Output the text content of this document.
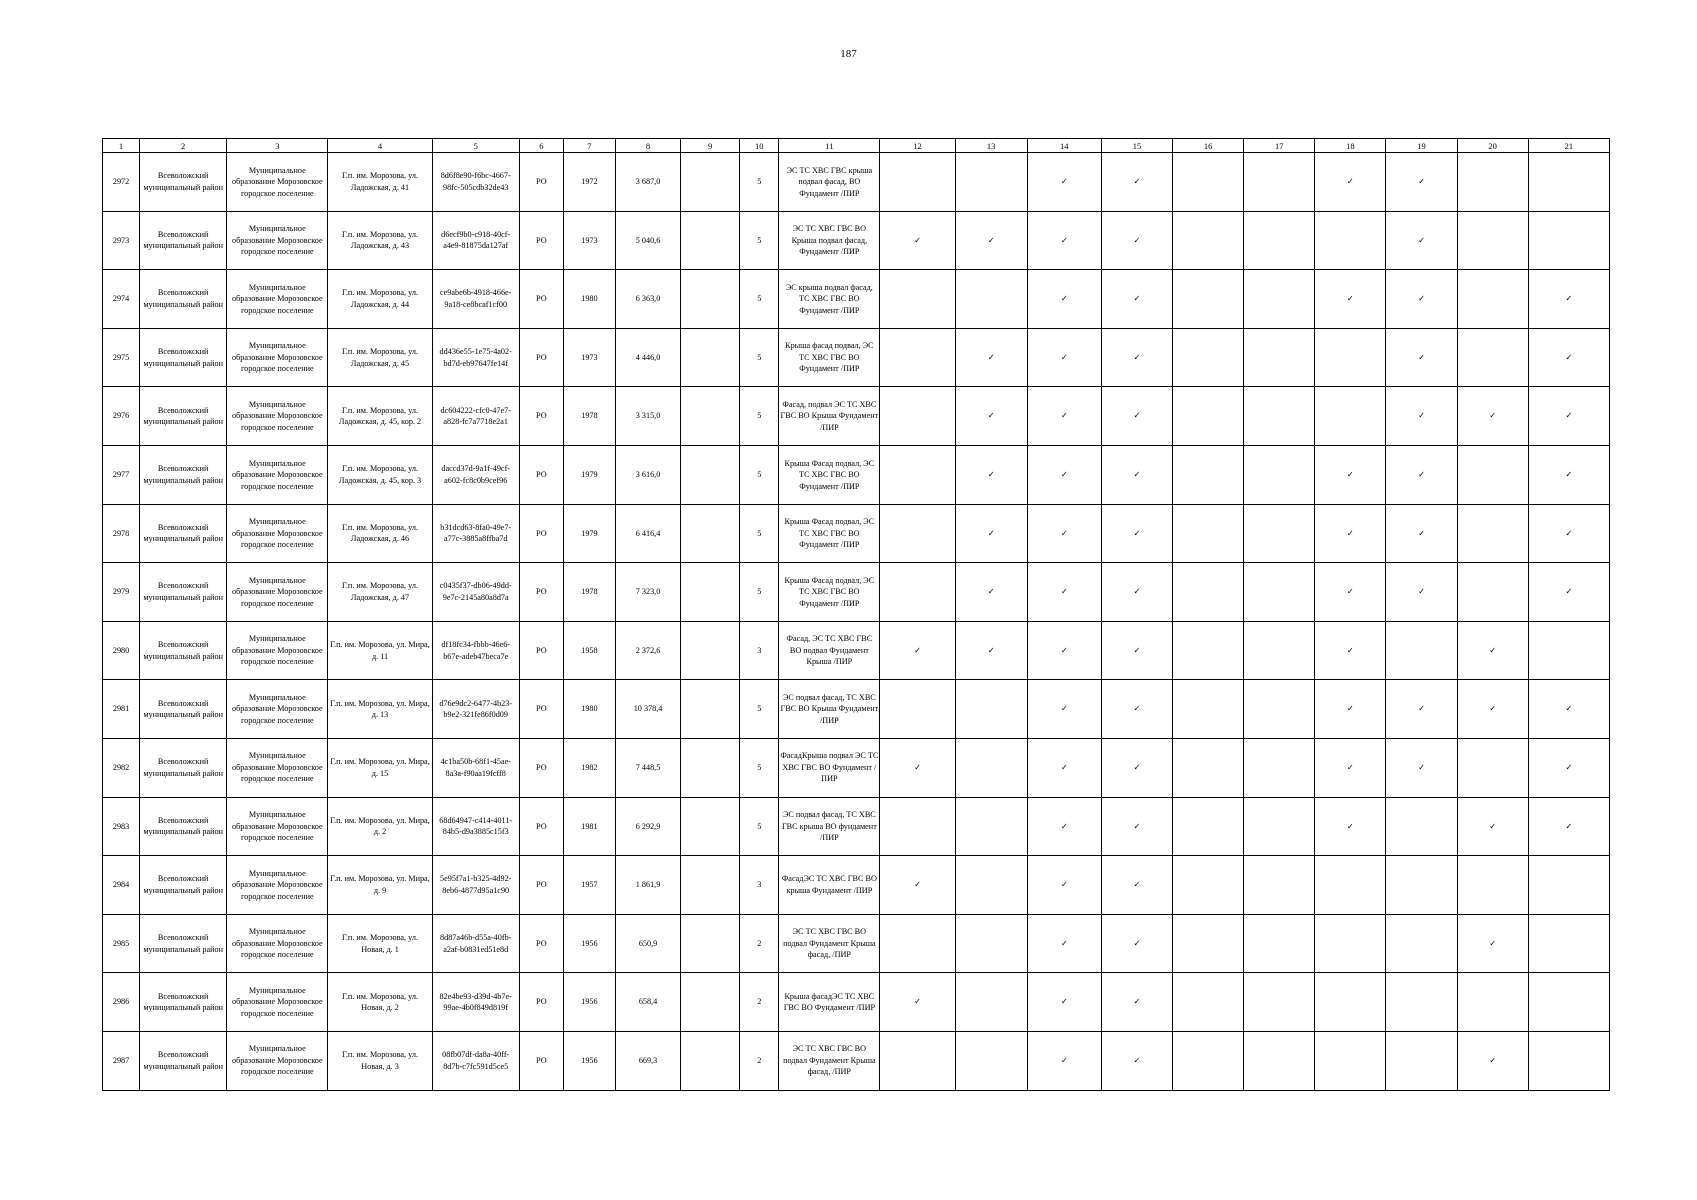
187
1	2	3	4	5	6	7	8	9	10	11	12	13	14	15	16	17	18	19	20	21
2972	Всеволожский муниципальный район	Муниципальное образование Морозовское городское поселение	Г.п. им. Морозова, ул. Ладожская, д. 41	8d6f8e90-f6bc-4667-98fc-505cdb32de43	РО	1972	3 687,0		5	ЭС ТС ХВС ГВС крыша подвал фасад, ВО Фундамент /ПИР			✓	✓			✓	✓		
2973	Всеволожский муниципальный район	Муниципальное образование Морозовское городское поселение	Г.п. им. Морозова, ул. Ладожская, д. 43	d6ecf9b0-c918-40cf-a4e9-81875da127af	РО	1973	5 040,6		5	ЭС ТС ХВС ГВС ВО Крыша подвал фасад, Фундамент /ПИР	✓	✓	✓	✓				✓		
2974	Всеволожский муниципальный район	Муниципальное образование Морозовское городское поселение	Г.п. им. Морозова, ул. Ладожская, д. 44	ce9abe6b-4918-466e-9a18-ce8bcaf1cf00	РО	1980	6 363,0		5	ЭС крыша подвал фасад, ТС ХВС ГВС ВО Фундамент /ПИР			✓	✓			✓	✓		✓
2975	Всеволожский муниципальный район	Муниципальное образование Морозовское городское поселение	Г.п. им. Морозова, ул. Ладожская, д. 45	dd436e55-1e75-4a02-bd7d-eb97647fe14f	РО	1973	4 446,0		5	Крыша фасад подвал, ЭС ТС ХВС ГВС ВО Фундамент /ПИР		✓	✓	✓				✓		✓
2976	Всеволожский муниципальный район	Муниципальное образование Морозовское городское поселение	Г.п. им. Морозова, ул. Ладожская, д. 45, кор. 2	dc604222-cfc0-47e7-a828-fc7a7718e2a1	РО	1978	3 315,0		5	Фасад, подвал ЭС ТС ХВС ГВС ВО Крыша Фундамент /ПИР		✓	✓	✓				✓	✓	✓
2977	Всеволожский муниципальный район	Муниципальное образование Морозовское городское поселение	Г.п. им. Морозова, ул. Ладожская, д. 45, кор. 3	daccd37d-9a1f-49cf-a602-fc8c0b9cef96	РО	1979	3 616,0		5	Крыша Фасад подвал, ЭС ТС ХВС ГВС ВО Фундамент /ПИР		✓	✓	✓			✓	✓		✓
2978	Всеволожский муниципальный район	Муниципальное образование Морозовское городское поселение	Г.п. им. Морозова, ул. Ладожская, д. 46	b31dcd63-8fa0-49e7-a77c-3885a8ffba7d	РО	1979	6 416,4		5	Крыша Фасад подвал, ЭС ТС ХВС ГВС ВО Фундамент /ПИР		✓	✓	✓			✓	✓		✓
2979	Всеволожский муниципальный район	Муниципальное образование Морозовское городское поселение	Г.п. им. Морозова, ул. Ладожская, д. 47	c0435f37-db06-49dd-9e7c-2145a80a8d7a	РО	1978	7 323,0		5	Крыша Фасад подвал, ЭС ТС ХВС ГВС ВО Фундамент /ПИР		✓	✓	✓			✓	✓		✓
2980	Всеволожский муниципальный район	Муниципальное образование Морозовское городское поселение	Г.п. им. Морозова, ул. Мира, д. 11	df18fc34-fbbb-46e6-b67e-adeb47beca7e	РО	1958	2 372,6		3	Фасад, ЭС ТС ХВС ГВС ВО подвал Фундамент Крыша /ПИР	✓	✓	✓	✓			✓		✓	
2981	Всеволожский муниципальный район	Муниципальное образование Морозовское городское поселение	Г.п. им. Морозова, ул. Мира, д. 13	d76e9dc2-6477-4b23-b9e2-321fe86f0d09	РО	1980	10 378,4		5	ЭС подвал фасад, ТС ХВС ГВС ВО Крыша Фундамент /ПИР			✓	✓			✓	✓	✓	✓
2982	Всеволожский муниципальный район	Муниципальное образование Морозовское городское поселение	Г.п. им. Морозова, ул. Мира, д. 15	4c1ba50b-68f1-45ae-8a3a-f90aa19fcff8	РО	1982	7 448,5		5	ФасадКрыша подвал ЭС ТС ХВС ГВС ВО Фундамент /ПИР	✓		✓	✓			✓	✓		✓
2983	Всеволожский муниципальный район	Муниципальное образование Морозовское городское поселение	Г.п. им. Морозова, ул. Мира, д. 2	68d64947-c414-4011-84b5-d9a3885c15f3	РО	1981	6 292,9		5	ЭС подвал фасад, ТС ХВС ГВС крыша ВО фундамент /ПИР			✓	✓			✓		✓	✓
2984	Всеволожский муниципальный район	Муниципальное образование Морозовское городское поселение	Г.п. им. Морозова, ул. Мира, д. 9	5e95f7a1-b325-4d92-8eb6-4877d95a1c90	РО	1957	1 861,9		3	ФасадЭС ТС ХВС ГВС ВО крыша Фундамент /ПИР	✓		✓	✓						
2985	Всеволожский муниципальный район	Муниципальное образование Морозовское городское поселение	Г.п. им. Морозова, ул. Новая, д. 1	8d87a46b-d55a-40fb-a2af-b0831ed51e8d	РО	1956	650,9		2	ЭС ТС ХВС ГВС ВО подвал Фундамент Крыша фасад, /ПИР			✓	✓					✓	
2986	Всеволожский муниципальный район	Муниципальное образование Морозовское городское поселение	Г.п. им. Морозова, ул. Новая, д. 2	82e4be93-d39d-4b7e-99ae-4b0f849d819f	РО	1956	658,4		2	Крыша фасадЭС ТС ХВС ГВС ВО Фундамент /ПИР	✓		✓	✓						
2987	Всеволожский муниципальный район	Муниципальное образование Морозовское городское поселение	Г.п. им. Морозова, ул. Новая, д. 3	08fb07df-da8a-40ff-8d7b-c7fc591d5ce5	РО	1956	669,3		2	ЭС ТС ХВС ГВС ВО подвал Фундамент Крыша фасад, /ПИР			✓	✓					✓	
